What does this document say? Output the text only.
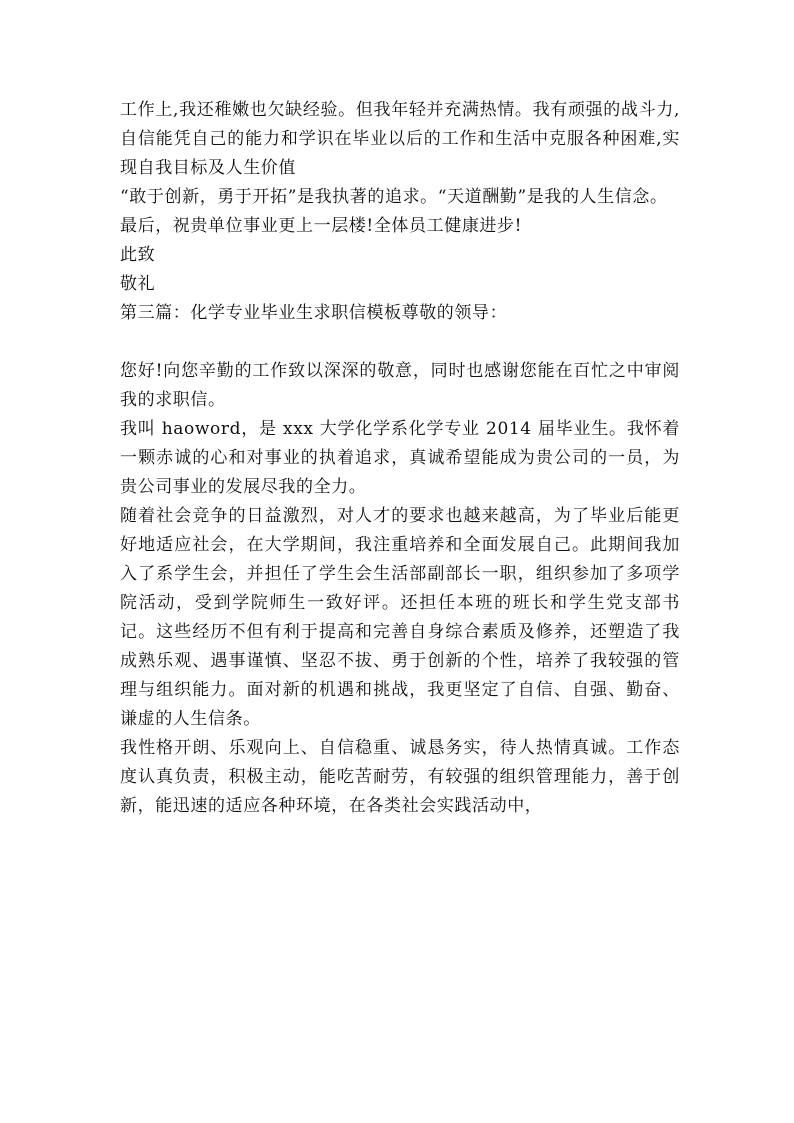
工作上,我还稚嫩也欠缺经验。但我年轻并充满热情。我有顽强的战斗力,自信能凭自己的能力和学识在毕业以后的工作和生活中克服各种困难,实现自我目标及人生价值

“敢于创新，勇于开拓”是我执著的追求。“天道酬勤”是我的人生信念。

最后，祝贵单位事业更上一层楼!全体员工健康进步!

此致

敬礼

第三篇：化学专业毕业生求职信模板尊敬的领导：

您好!向您辛勤的工作致以深深的敬意，同时也感谢您能在百忙之中审阅我的求职信。

我叫 haoword，是 xxx 大学化学系化学专业 2014 届毕业生。我怀着一颗赤诚的心和对事业的执着追求，真诚希望能成为贵公司的一员，为贵公司事业的发展尽我的全力。

随着社会竞争的日益激烈，对人才的要求也越来越高，为了毕业后能更好地适应社会，在大学期间，我注重培养和全面发展自己。此期间我加入了系学生会，并担任了学生会生活部副部长一职，组织参加了多项学院活动，受到学院师生一致好评。还担任本班的班长和学生党支部书记。这些经历不但有利于提高和完善自身综合素质及修养，还塑造了我成熟乐观、遇事谨慎、坚忍不拔、勇于创新的个性，培养了我较强的管理与组织能力。面对新的机遇和挑战，我更坚定了自信、自强、勤奋、谦虚的人生信条。

我性格开朗、乐观向上、自信稳重、诚恳务实，待人热情真诚。工作态度认真负责，积极主动，能吃苦耐劳，有较强的组织管理能力，善于创新，能迅速的适应各种环境，在各类社会实践活动中，
